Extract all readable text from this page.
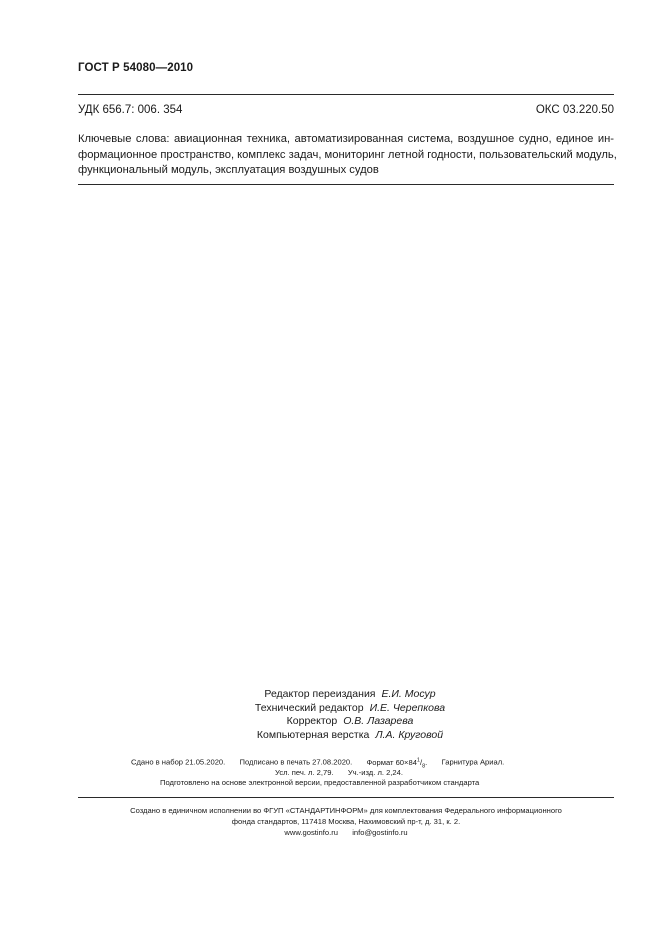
ГОСТ Р 54080—2010
УДК 656.7: 006. 354	ОКС 03.220.50
Ключевые слова: авиационная техника, автоматизированная система, воздушное судно, единое ин-
формационное пространство, комплекс задач, мониторинг летной годности, пользовательский модуль,
функциональный модуль, эксплуатация воздушных судов
Редактор переиздания Е.И. Мосур
Технический редактор И.Е. Черепкова
Корректор О.В. Лазарева
Компьютерная верстка Л.А. Круговой
Сдано в набор 21.05.2020. Подписано в печать 27.08.2020. Формат $60\times 84^1/_8$. Гарнитура Ариал.
Усл. печ. л. 2,79. Уч.-изд. л. 2,24.
Подготовлено на основе электронной версии, предоставленной разработчиком стандарта
Создано в единичном исполнении во ФГУП «СТАНДАРТИНФОРМ» для комплектования Федерального информационного
фонда стандартов, 117418 Москва, Нахимовский пр-т, д. 31, к. 2.
www.gostinfo.ru info@gostinfo.ru
